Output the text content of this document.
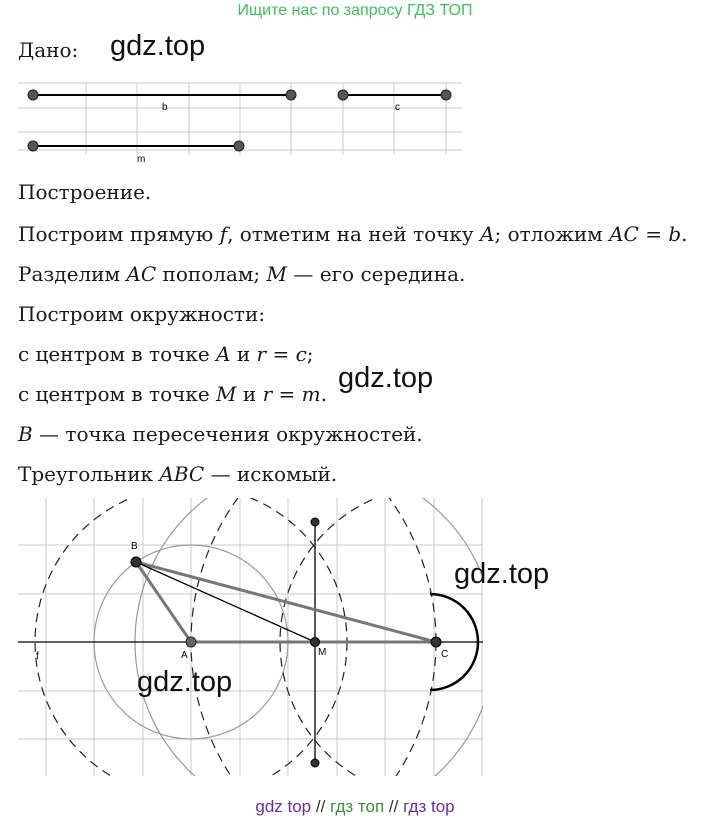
Ищите нас по запросу ГДЗ ТОП
Дано: gdz.top
b	c
m
Построение.
Построим прямую f, отметим на ней точку A; отложим AC = b.
Разделим AC пополам; M — его середина.
Построим окружности:
с центром в точке A и r = c;
с центром в точке M и r = m. gdz.top
B — точка пересечения окружностей.
Треугольник ABC — искомый.
B
A	M	C
f
gdz.top
gdz.top
gdz top // гдз топ // гдз top
